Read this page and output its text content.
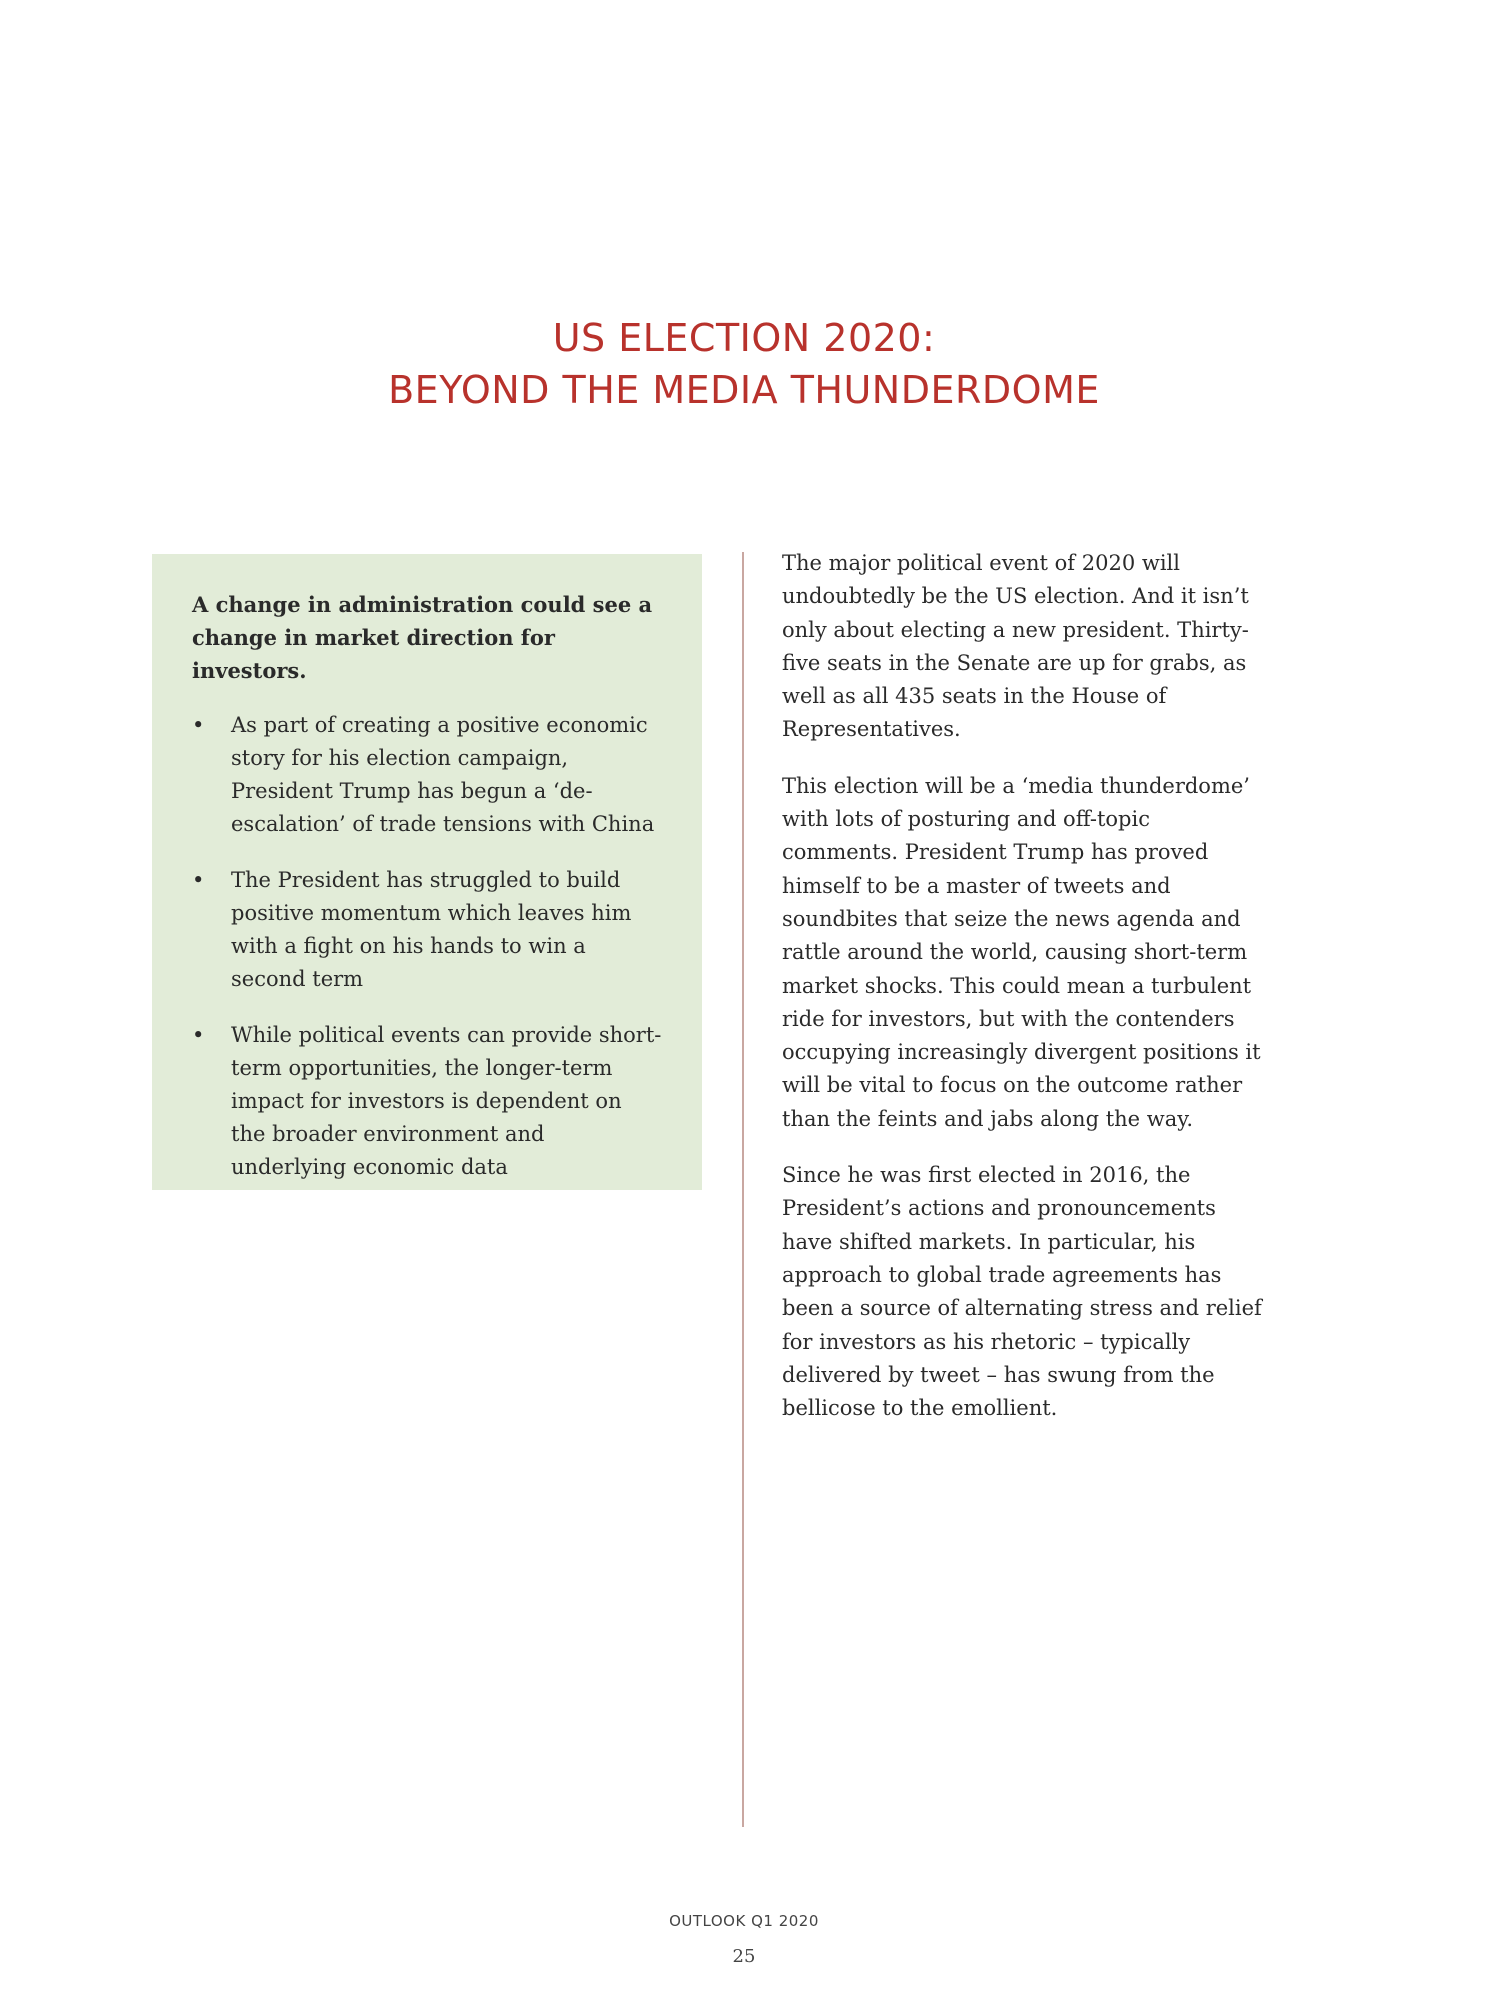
US ELECTION 2020:
BEYOND THE MEDIA THUNDERDOME

A change in administration could see a change in market direction for investors.

• As part of creating a positive economic story for his election campaign, President Trump has begun a ‘de-escalation’ of trade tensions with China
• The President has struggled to build positive momentum which leaves him with a fight on his hands to win a second term
• While political events can provide short-term opportunities, the longer-term impact for investors is dependent on the broader environment and underlying economic data

The major political event of 2020 will undoubtedly be the US election. And it isn’t only about electing a new president. Thirty-five seats in the Senate are up for grabs, as well as all 435 seats in the House of Representatives.

This election will be a ‘media thunderdome’ with lots of posturing and off-topic comments. President Trump has proved himself to be a master of tweets and soundbites that seize the news agenda and rattle around the world, causing short-term market shocks. This could mean a turbulent ride for investors, but with the contenders occupying increasingly divergent positions it will be vital to focus on the outcome rather than the feints and jabs along the way.

Since he was first elected in 2016, the President’s actions and pronouncements have shifted markets. In particular, his approach to global trade agreements has been a source of alternating stress and relief for investors as his rhetoric – typically delivered by tweet – has swung from the bellicose to the emollient.

OUTLOOK Q1 2020
25
